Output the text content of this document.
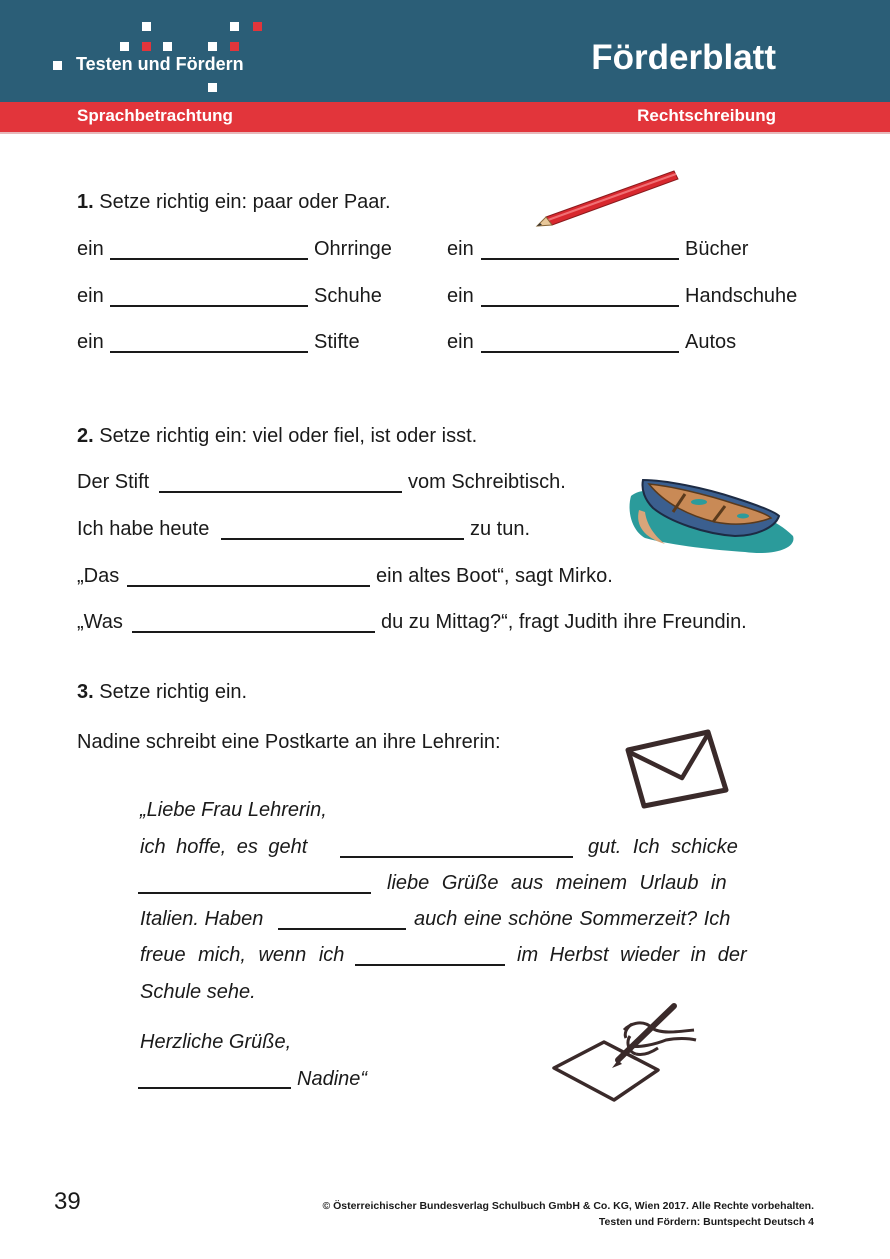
Testen und Fördern	Förderblatt
Sprachbetrachtung	Rechtschreibung
1. Setze richtig ein: paar oder Paar.
ein	Ohrringe	ein	Bücher
ein	Schuhe	ein	Handschuhe
ein	Stifte	ein	Autos
2. Setze richtig ein: viel oder fiel, ist oder isst.
Der Stift	vom Schreibtisch.
Ich habe heute	zu tun.
„Das	ein altes Boot“, sagt Mirko.
„Was	du zu Mittag?“, fragt Judith ihre Freundin.
3. Setze richtig ein.
Nadine schreibt eine Postkarte an ihre Lehrerin:
„Liebe Frau Lehrerin,
ich hoffe, es geht	gut. Ich schicke
liebe Grüße aus meinem Urlaub in
Italien. Haben	auch eine schöne Sommerzeit? Ich
freue mich, wenn ich	im Herbst wieder in der
Schule sehe.
Herzliche Grüße,
Nadine“
39	© Österreichischer Bundesverlag Schulbuch GmbH & Co. KG, Wien 2017. Alle Rechte vorbehalten.
Testen und Fördern: Buntspecht Deutsch 4
